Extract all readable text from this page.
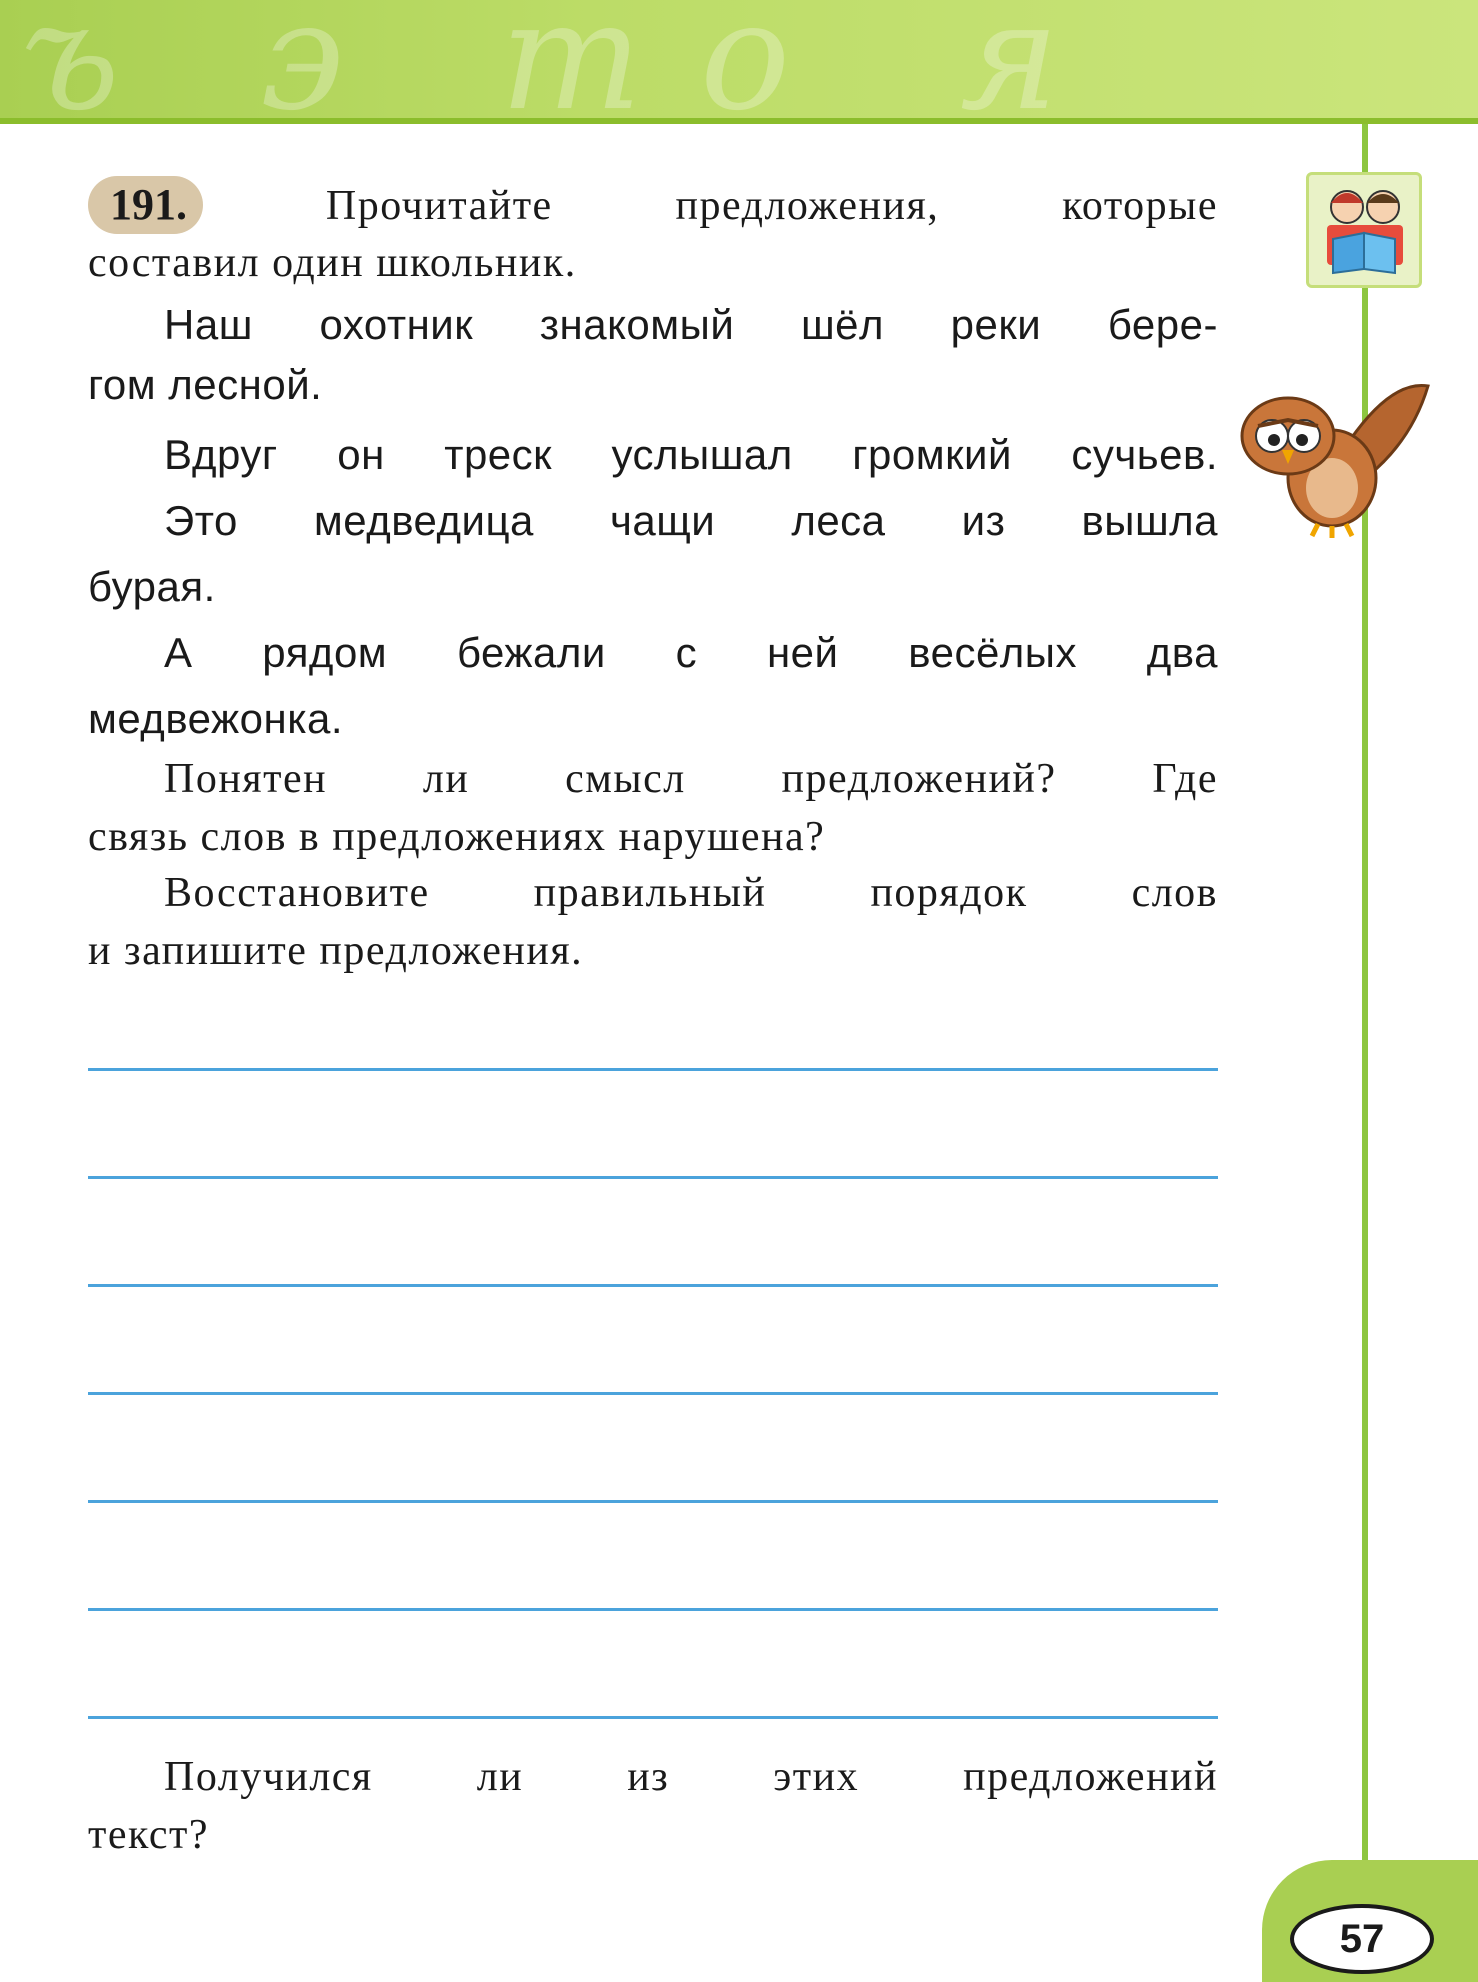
ъ э т о я
191.	Прочитайте предложения, которые
составил один школьник.
Наш охотник знакомый шёл реки бере-
гом лесной.
Вдруг он треск услышал громкий сучьев.
Это медведица чащи леса из вышла
бурая.
А рядом бежали с ней весёлых два
медвежонка.
Понятен ли смысл предложений? Где
связь слов в предложениях нарушена?
Восстановите правильный порядок слов
и запишите предложения.
Получился ли из этих предложений
текст?
57
